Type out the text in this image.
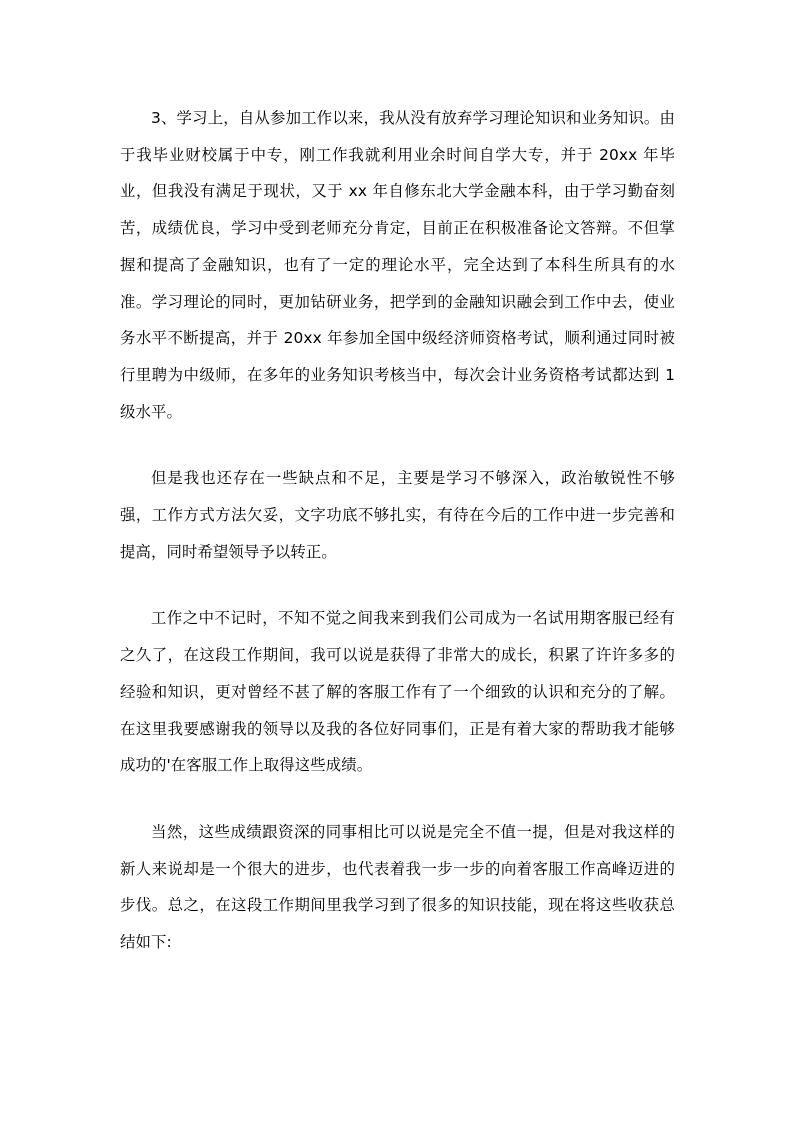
3、学习上，自从参加工作以来，我从没有放弃学习理论知识和业务知识。由于我毕业财校属于中专，刚工作我就利用业余时间自学大专，并于 20xx 年毕业，但我没有满足于现状，又于 xx 年自修东北大学金融本科，由于学习勤奋刻苦，成绩优良，学习中受到老师充分肯定，目前正在积极准备论文答辩。不但掌握和提高了金融知识，也有了一定的理论水平，完全达到了本科生所具有的水准。学习理论的同时，更加钻研业务，把学到的金融知识融会到工作中去，使业务水平不断提高，并于 20xx 年参加全国中级经济师资格考试，顺利通过同时被行里聘为中级师，在多年的业务知识考核当中，每次会计业务资格考试都达到 1 级水平。

但是我也还存在一些缺点和不足，主要是学习不够深入，政治敏锐性不够强，工作方式方法欠妥，文字功底不够扎实，有待在今后的工作中进一步完善和提高，同时希望领导予以转正。

工作之中不记时，不知不觉之间我来到我们公司成为一名试用期客服已经有之久了，在这段工作期间，我可以说是获得了非常大的成长，积累了许许多多的经验和知识，更对曾经不甚了解的客服工作有了一个细致的认识和充分的了解。在这里我要感谢我的领导以及我的各位好同事们，正是有着大家的帮助我才能够成功的'在客服工作上取得这些成绩。

当然，这些成绩跟资深的同事相比可以说是完全不值一提，但是对我这样的新人来说却是一个很大的进步，也代表着我一步一步的向着客服工作高峰迈进的步伐。总之，在这段工作期间里我学习到了很多的知识技能，现在将这些收获总结如下:
